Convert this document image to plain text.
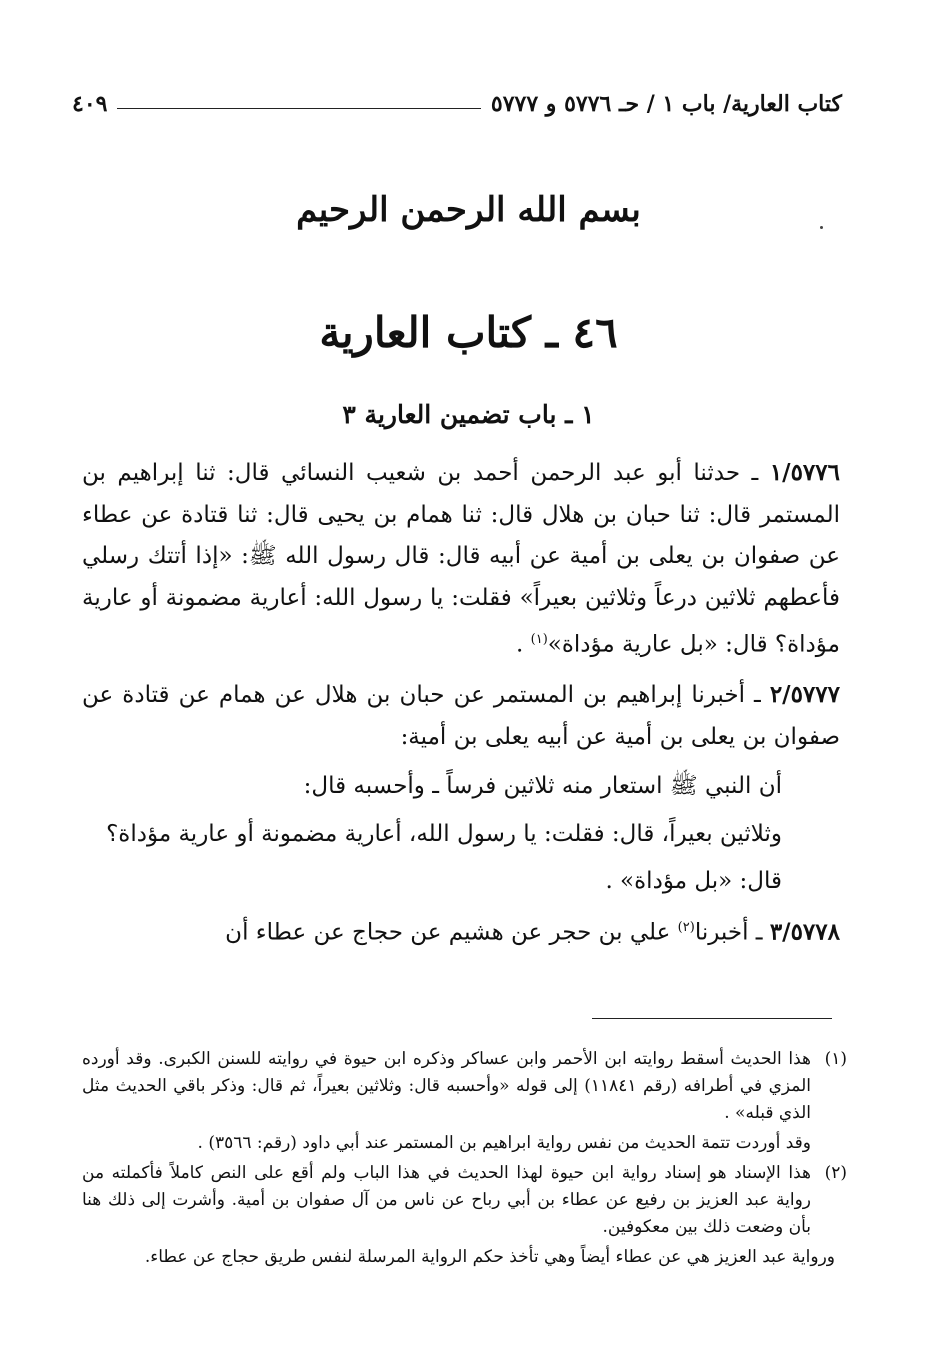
كتاب العارية/ باب ١ / حـ ٥٧٧٦ و ٥٧٧٧
٤٠٩
بسم الله الرحمن الرحيم
٤٦ ـ كتاب العارية
١ ـ باب تضمين العارية ٣

١/٥٧٧٦ ـ حدثنا أبو عبد الرحمن أحمد بن شعيب النسائي قال: ثنا إبراهيم بن المستمر قال: ثنا حبان بن هلال قال: ثنا همام بن يحيى قال: ثنا قتادة عن عطاء عن صفوان بن يعلى بن أمية عن أبيه قال: قال رسول الله ﷺ: «إذا أتتك رسلي فأعطهم ثلاثين درعاً وثلاثين بعيراً» فقلت: يا رسول الله: أعارية مضمونة أو عارية مؤداة؟ قال: «بل عارية مؤداة»$^{(١)}$ .

٢/٥٧٧٧ ـ أخبرنا إبراهيم بن المستمر عن حبان بن هلال عن همام عن قتادة عن صفوان بن يعلى بن أمية عن أبيه يعلى بن أمية:

أن النبي ﷺ استعار منه ثلاثين فرساً ـ وأحسبه قال:

وثلاثين بعيراً، قال: فقلت: يا رسول الله، أعارية مضمونة أو عارية مؤداة؟

قال: «بل مؤداة» .

٣/٥٧٧٨ ـ أخبرنا$^{(٢)}$ علي بن حجر عن هشيم عن حجاج عن عطاء أن

(١)
هذا الحديث أسقط روايته ابن الأحمر وابن عساكر وذكره ابن حيوة في روايته للسنن الكبرى. وقد أورده المزي في أطرافه (رقم ١١٨٤١) إلى قوله «وأحسبه قال: وثلاثين بعيراً، ثم قال: وذكر باقي الحديث مثل الذي قبله» .

وقد أوردت تتمة الحديث من نفس رواية ابراهيم بن المستمر عند أبي داود (رقم: ٣٥٦٦) .

(٢)
هذا الإسناد هو إسناد رواية ابن حيوة لهذا الحديث في هذا الباب ولم أقع على النص كاملاً فأكملته من رواية عبد العزيز بن رفيع عن عطاء بن أبي رباح عن ناس من آل صفوان بن أمية. وأشرت إلى ذلك هنا بأن وضعت ذلك بين معكوفين.

ورواية عبد العزيز هي عن عطاء أيضاً وهي تأخذ حكم الرواية المرسلة لنفس طريق حجاج عن عطاء.
